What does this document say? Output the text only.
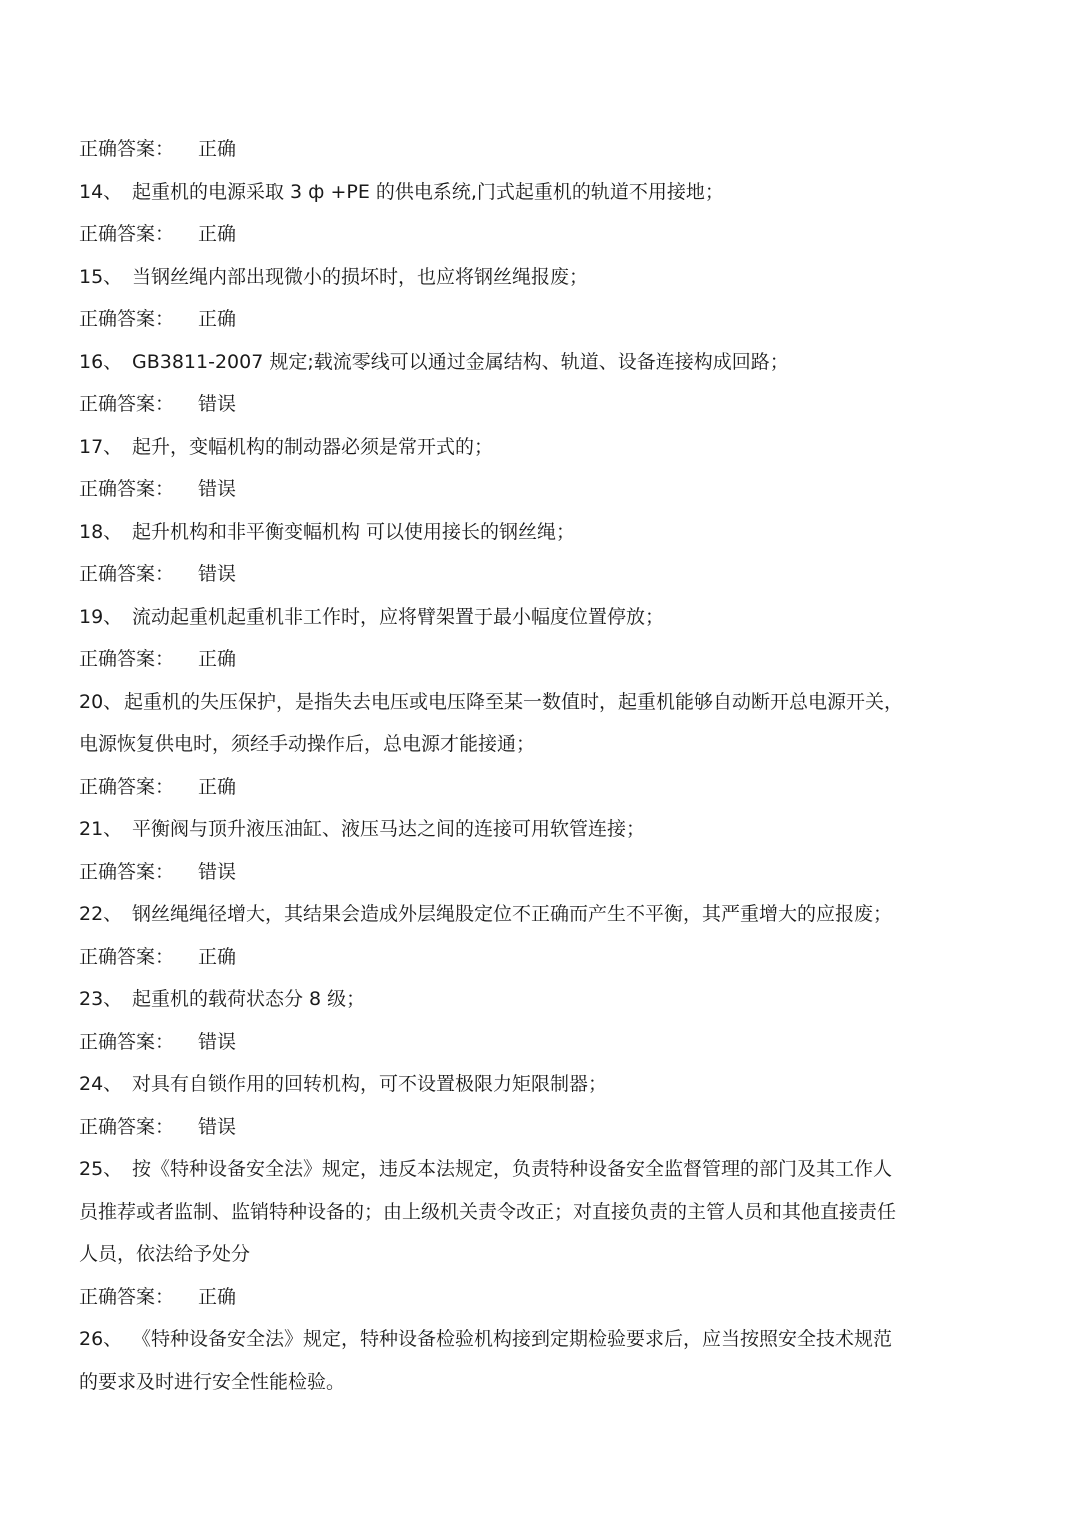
正确答案： 正确
14、 起重机的电源采取 3 ф +PE 的供电系统,门式起重机的轨道不用接地；
正确答案： 正确
15、 当钢丝绳内部出现微小的损坏时，也应将钢丝绳报废；
正确答案： 正确
16、 GB3811-2007 规定;载流零线可以通过金属结构、轨道、设备连接构成回路；
正确答案： 错误
17、 起升，变幅机构的制动器必须是常开式的；
正确答案： 错误
18、 起升机构和非平衡变幅机构 可以使用接长的钢丝绳；
正确答案： 错误
19、 流动起重机起重机非工作时，应将臂架置于最小幅度位置停放；
正确答案： 正确
20、 起重机的失压保护，是指失去电压或电压降至某一数值时，起重机能够自动断开总电源开关，
电源恢复供电时，须经手动操作后，总电源才能接通；
正确答案： 正确
21、 平衡阀与顶升液压油缸、液压马达之间的连接可用软管连接；
正确答案： 错误
22、 钢丝绳绳径增大，其结果会造成外层绳股定位不正确而产生不平衡，其严重增大的应报废；
正确答案： 正确
23、 起重机的载荷状态分 8 级；
正确答案： 错误
24、 对具有自锁作用的回转机构，可不设置极限力矩限制器；
正确答案： 错误
25、 按《特种设备安全法》规定，违反本法规定，负责特种设备安全监督管理的部门及其工作人
员推荐或者监制、监销特种设备的；由上级机关责令改正；对直接负责的主管人员和其他直接责任
人员，依法给予处分
正确答案： 正确
26、 《特种设备安全法》规定，特种设备检验机构接到定期检验要求后，应当按照安全技术规范
的要求及时进行安全性能检验。
